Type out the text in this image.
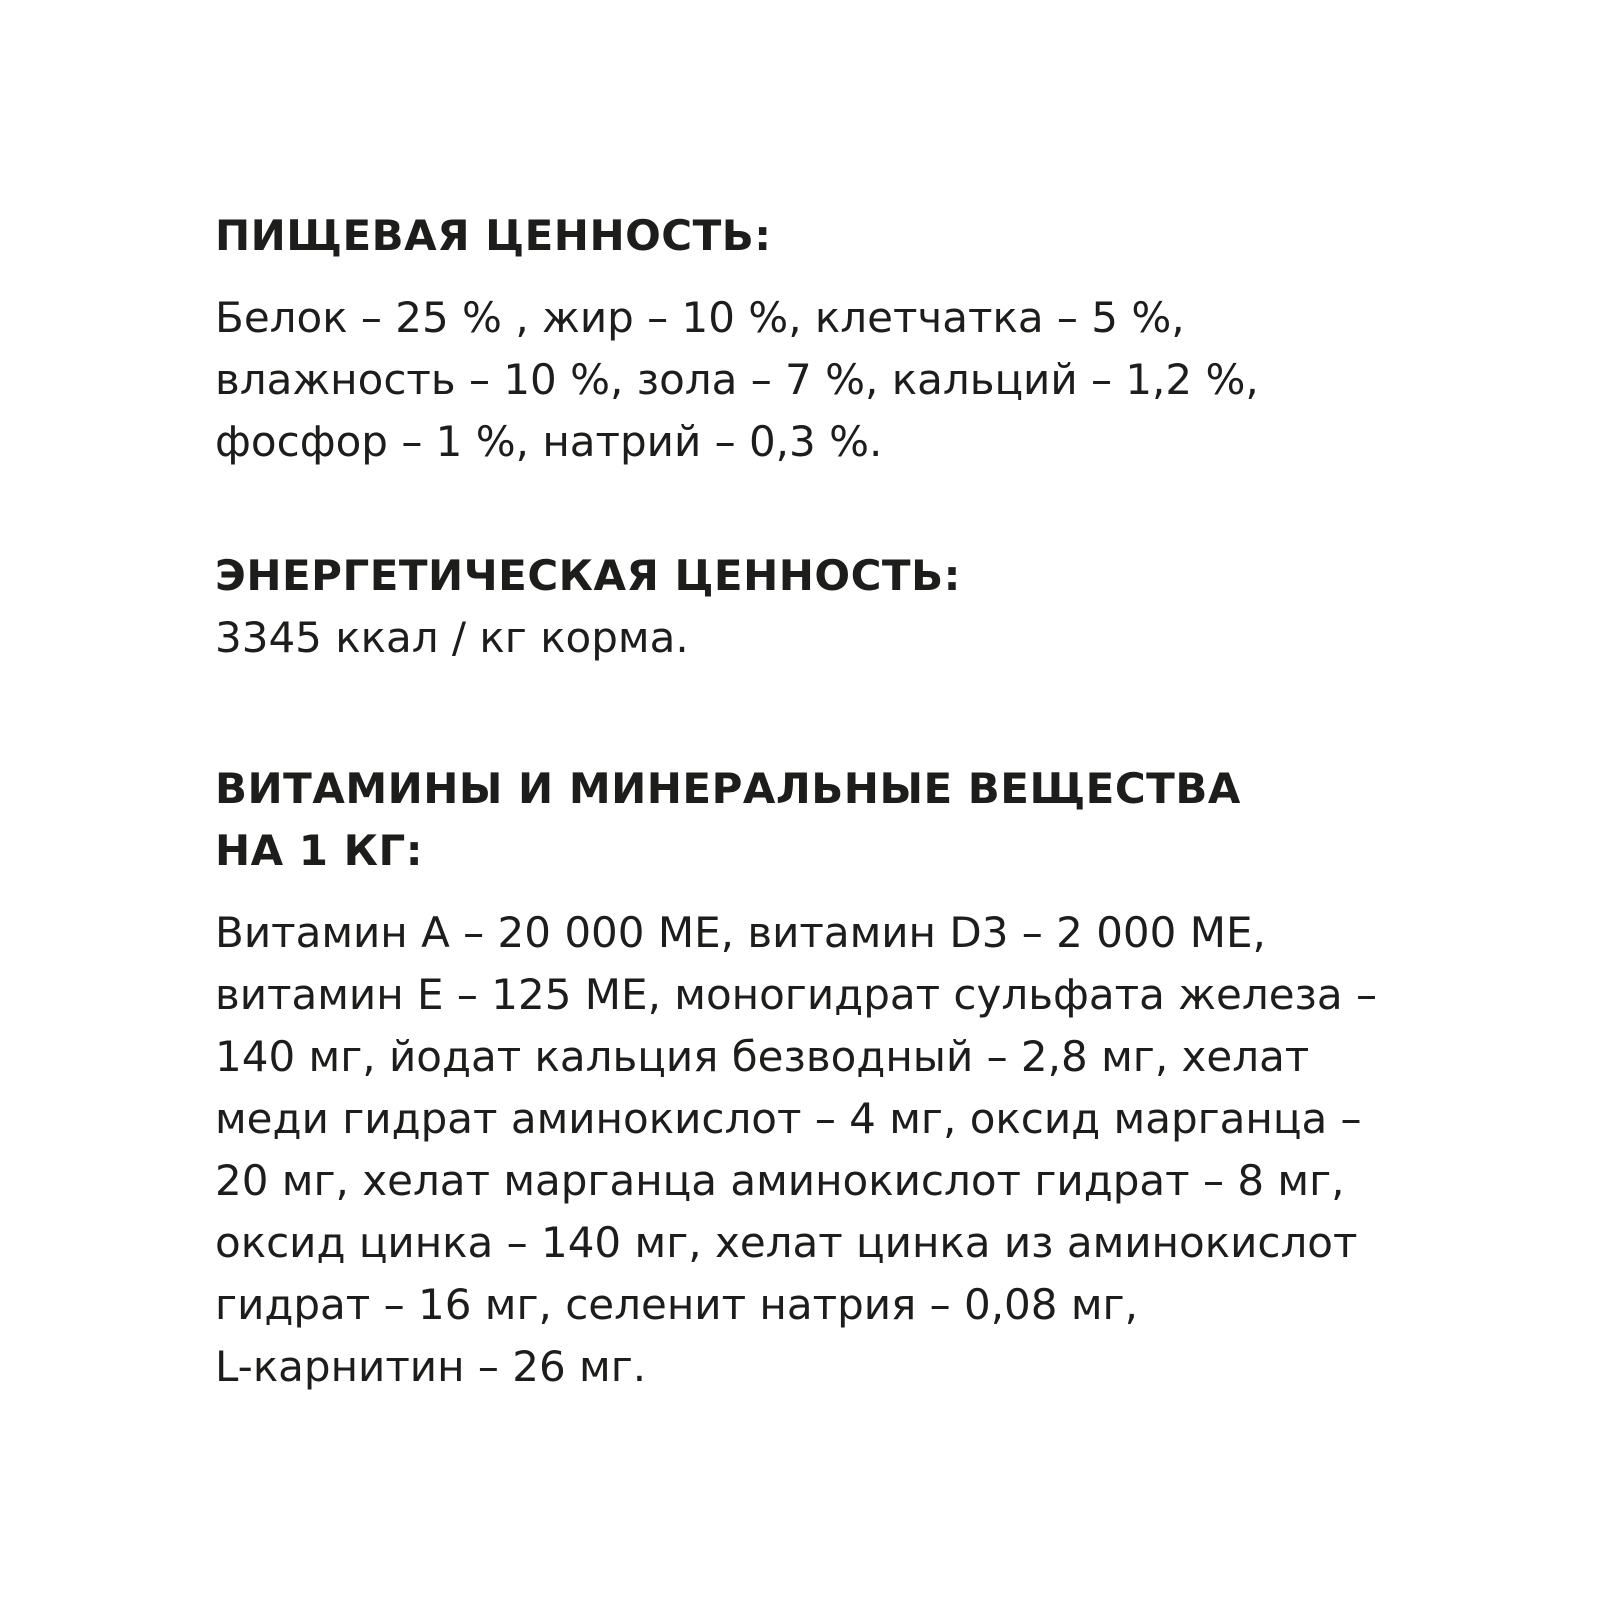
ПИЩЕВАЯ ЦЕННОСТЬ:

Белок – 25 % , жир – 10 %, клетчатка – 5 %,

влажность – 10 %, зола – 7 %, кальций – 1,2 %,

фосфор – 1 %, натрий – 0,3 %.

ЭНЕРГЕТИЧЕСКАЯ ЦЕННОСТЬ:

3345 ккал / кг корма.

ВИТАМИНЫ И МИНЕРАЛЬНЫЕ ВЕЩЕСТВА

НА 1 КГ:

Витамин А – 20 000 МЕ, витамин D3 – 2 000 МЕ,

витамин Е – 125 МЕ, моногидрат сульфата железа –

140 мг, йодат кальция безводный – 2,8 мг, хелат

меди гидрат аминокислот – 4 мг, оксид марганца –

20 мг, хелат марганца аминокислот гидрат – 8 мг,

оксид цинка – 140 мг, хелат цинка из аминокислот

гидрат – 16 мг, селенит натрия – 0,08 мг,

L-карнитин – 26 мг.
